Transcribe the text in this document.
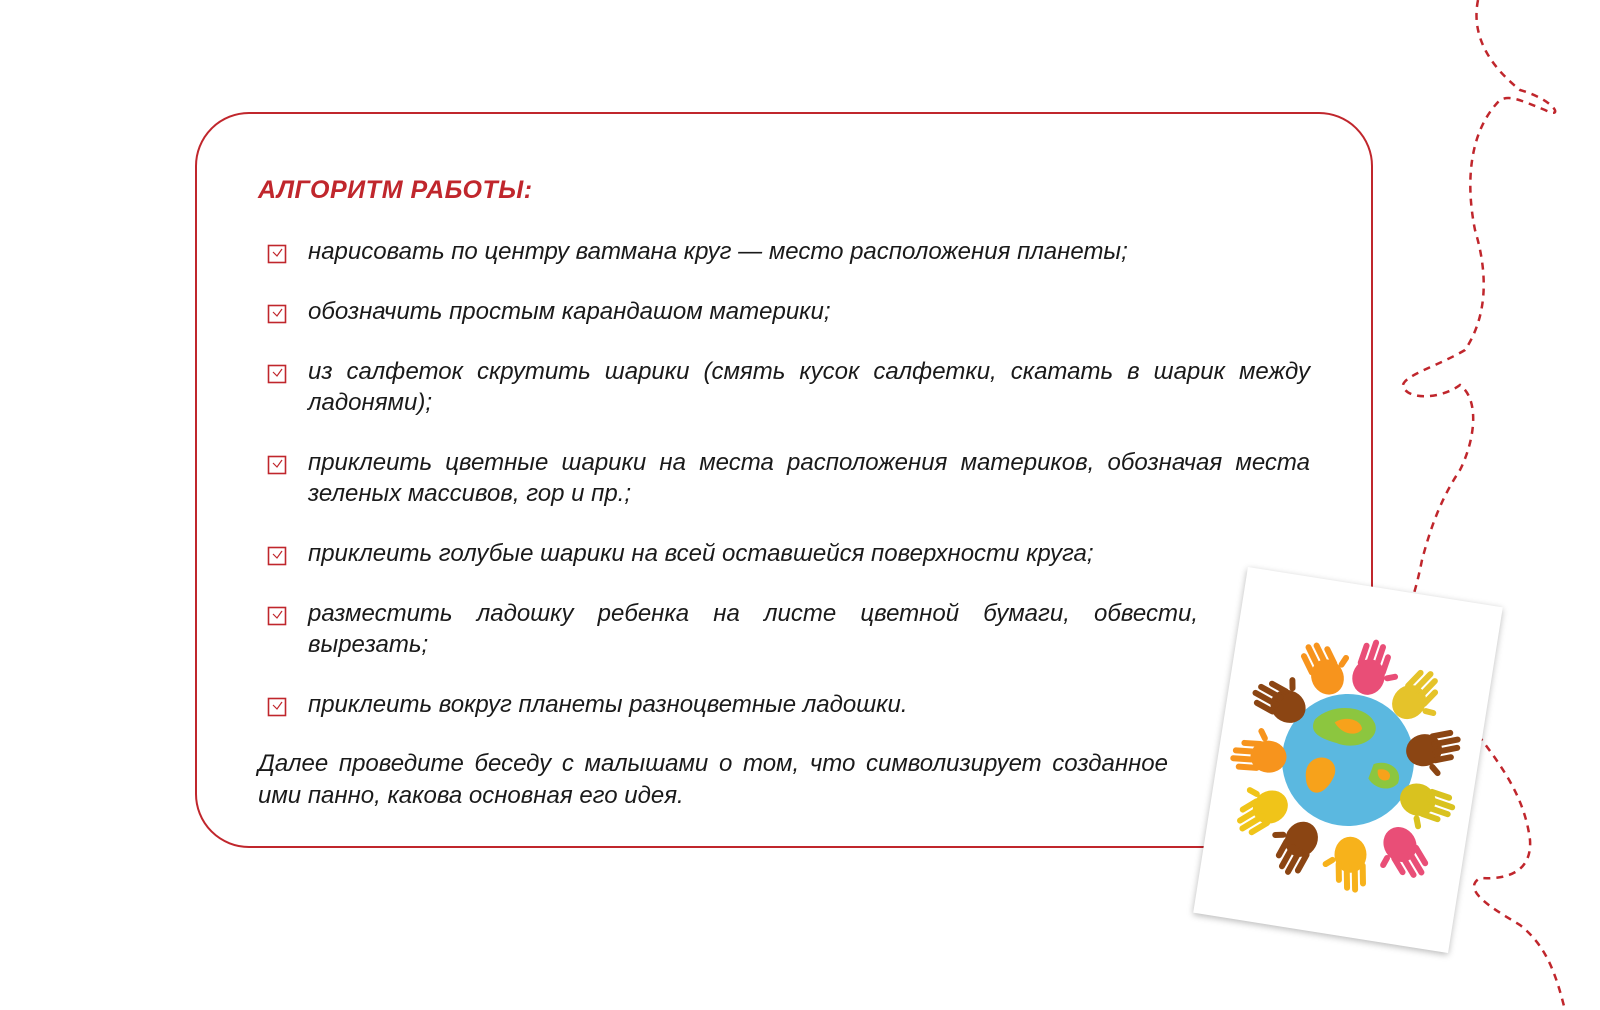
АЛГОРИТМ РАБОТЫ:
нарисовать по центру ватмана круг — место расположения планеты;
обозначить простым карандашом материки;
из салфеток скрутить шарики (смять кусок салфетки, скатать в шарик между ладонями);
приклеить цветные шарики на места расположения материков, обозначая места зеленых массивов, гор и пр.;
приклеить голубые шарики на всей оставшейся поверхности круга;
разместить ладошку ребенка на листе цветной бумаги, обвести, вырезать;
приклеить вокруг планеты разноцветные ладошки.

Далее проведите беседу с малышами о том, что символизирует созданное ими панно, какова основная его идея.
